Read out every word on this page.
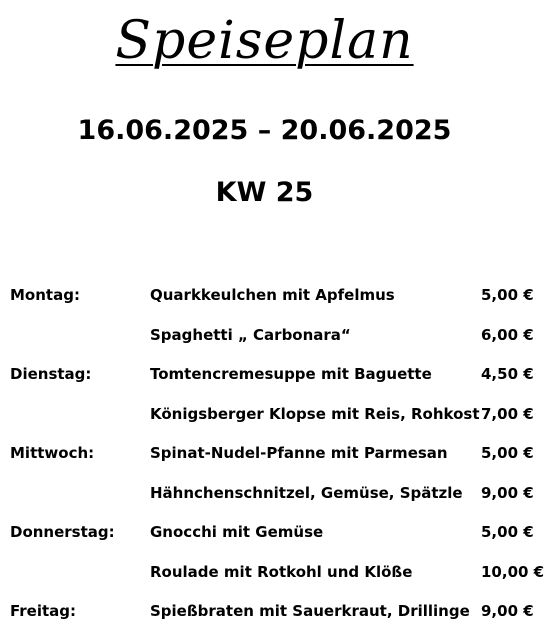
Speiseplan
16.06.2025 – 20.06.2025
KW 25
Montag:	Quarkkeulchen mit Apfelmus	5,00 €
Spaghetti „ Carbonara“	6,00 €
Dienstag:	Tomtencremesuppe mit Baguette	4,50 €
Königsberger Klopse mit Reis, Rohkost 7,00 €
Mittwoch:	Spinat-Nudel-Pfanne mit Parmesan 5,00 €
Hähnchenschnitzel, Gemüse, Spätzle 9,00 €
Donnerstag: Gnocchi mit Gemüse	5,00 €
Roulade mit Rotkohl und Klöße	10,00 €
Freitag:	Spießbraten mit Sauerkraut, Drillinge 9,00 €
